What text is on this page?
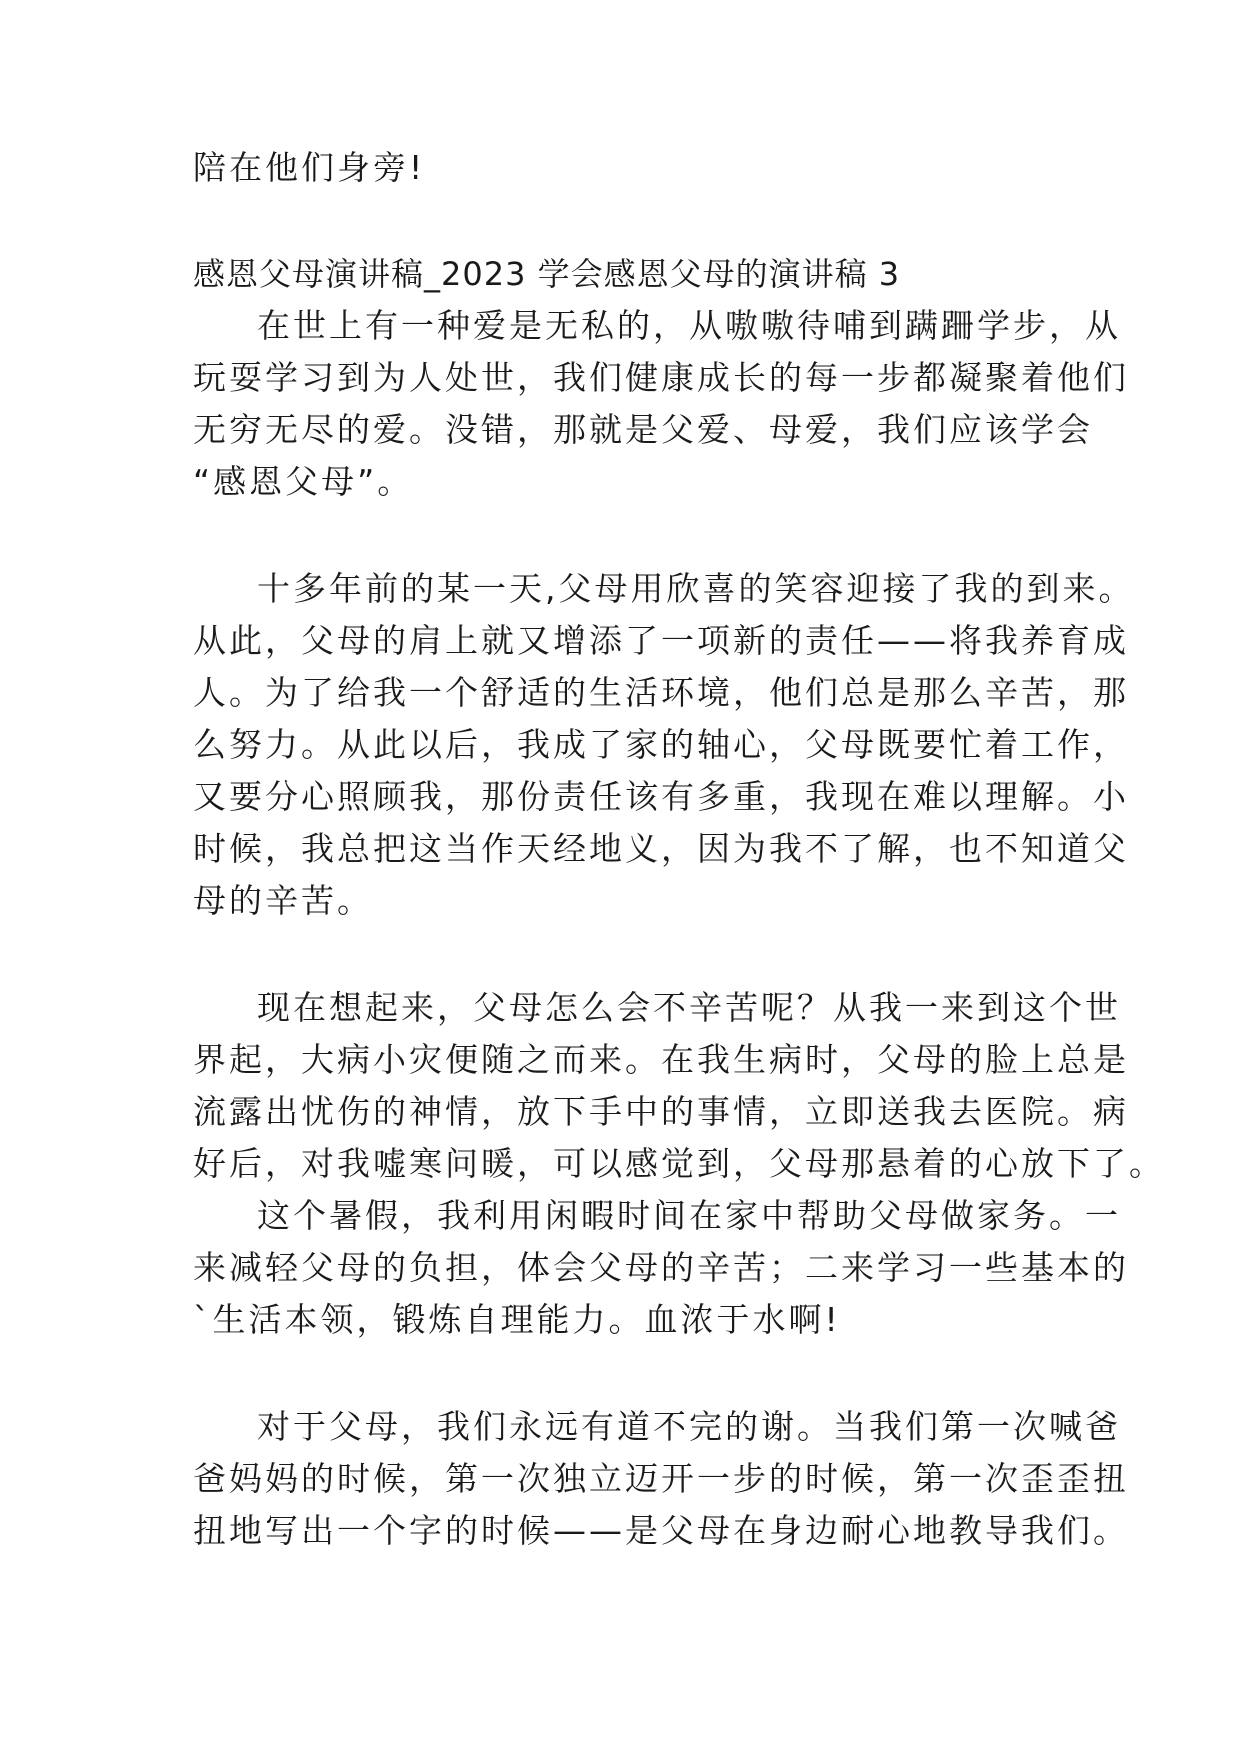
陪在他们身旁!
感恩父母演讲稿_2023 学会感恩父母的演讲稿 3
在世上有一种爱是无私的，从嗷嗷待哺到蹒跚学步，从
玩耍学习到为人处世，我们健康成长的每一步都凝聚着他们
无穷无尽的爱。没错，那就是父爱、母爱，我们应该学会
“感恩父母”。
十多年前的某一天,父母用欣喜的笑容迎接了我的到来。
从此，父母的肩上就又增添了一项新的责任——将我养育成
人。为了给我一个舒适的生活环境，他们总是那么辛苦，那
么努力。从此以后，我成了家的轴心，父母既要忙着工作，
又要分心照顾我，那份责任该有多重，我现在难以理解。小
时候，我总把这当作天经地义，因为我不了解，也不知道父
母的辛苦。
现在想起来，父母怎么会不辛苦呢？从我一来到这个世
界起，大病小灾便随之而来。在我生病时，父母的脸上总是
流露出忧伤的神情，放下手中的事情，立即送我去医院。病
好后，对我嘘寒问暖，可以感觉到，父母那悬着的心放下了。
这个暑假，我利用闲暇时间在家中帮助父母做家务。一
来减轻父母的负担，体会父母的辛苦；二来学习一些基本的
`生活本领，锻炼自理能力。血浓于水啊!
对于父母，我们永远有道不完的谢。当我们第一次喊爸
爸妈妈的时候，第一次独立迈开一步的时候，第一次歪歪扭
扭地写出一个字的时候——是父母在身边耐心地教导我们。
